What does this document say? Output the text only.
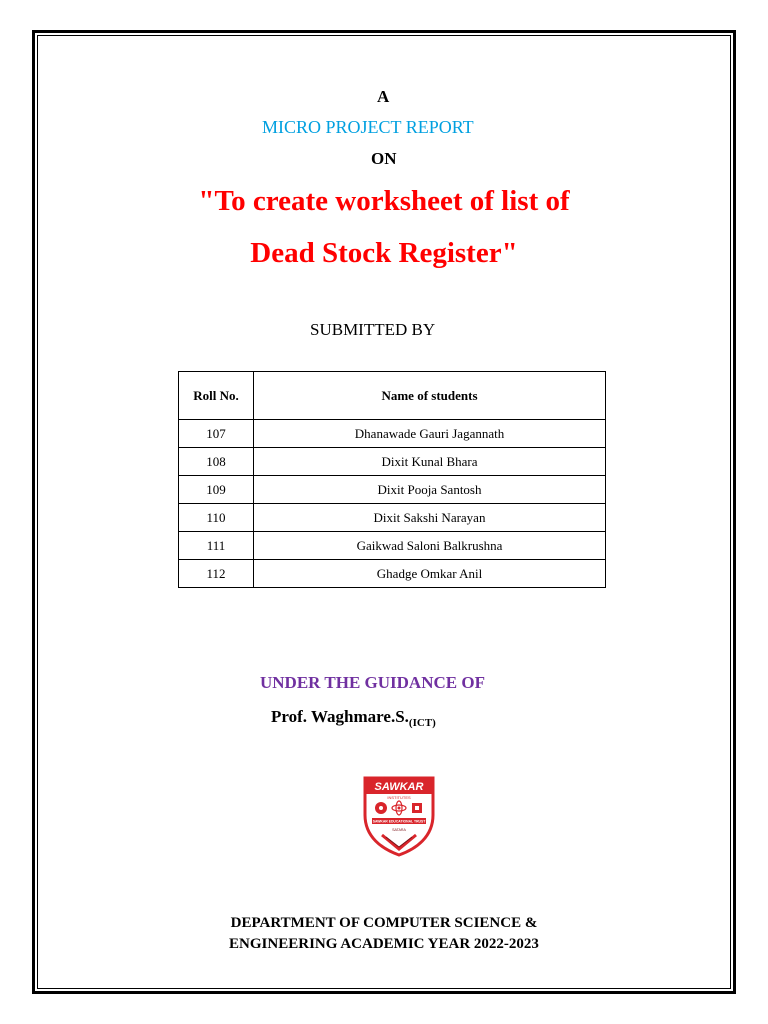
A
MICRO PROJECT REPORT
ON
"To create worksheet of list of
Dead Stock Register"
SUBMITTED BY
Roll No.	Name of students
107	Dhanawade Gauri Jagannath
108	Dixit Kunal Bhara
109	Dixit Pooja Santosh
110	Dixit Sakshi Narayan
111	Gaikwad Saloni Balkrushna
112	Ghadge Omkar Anil
UNDER THE GUIDANCE OF
Prof. $Waghmare.S._{(ICT)}$
SAWKAR
INSTITUTES
SAWKAR EDUCATIONAL TRUST
SATARA
DEPARTMENT OF COMPUTER SCIENCE &
ENGINEERING ACADEMIC YEAR 2022-2023
